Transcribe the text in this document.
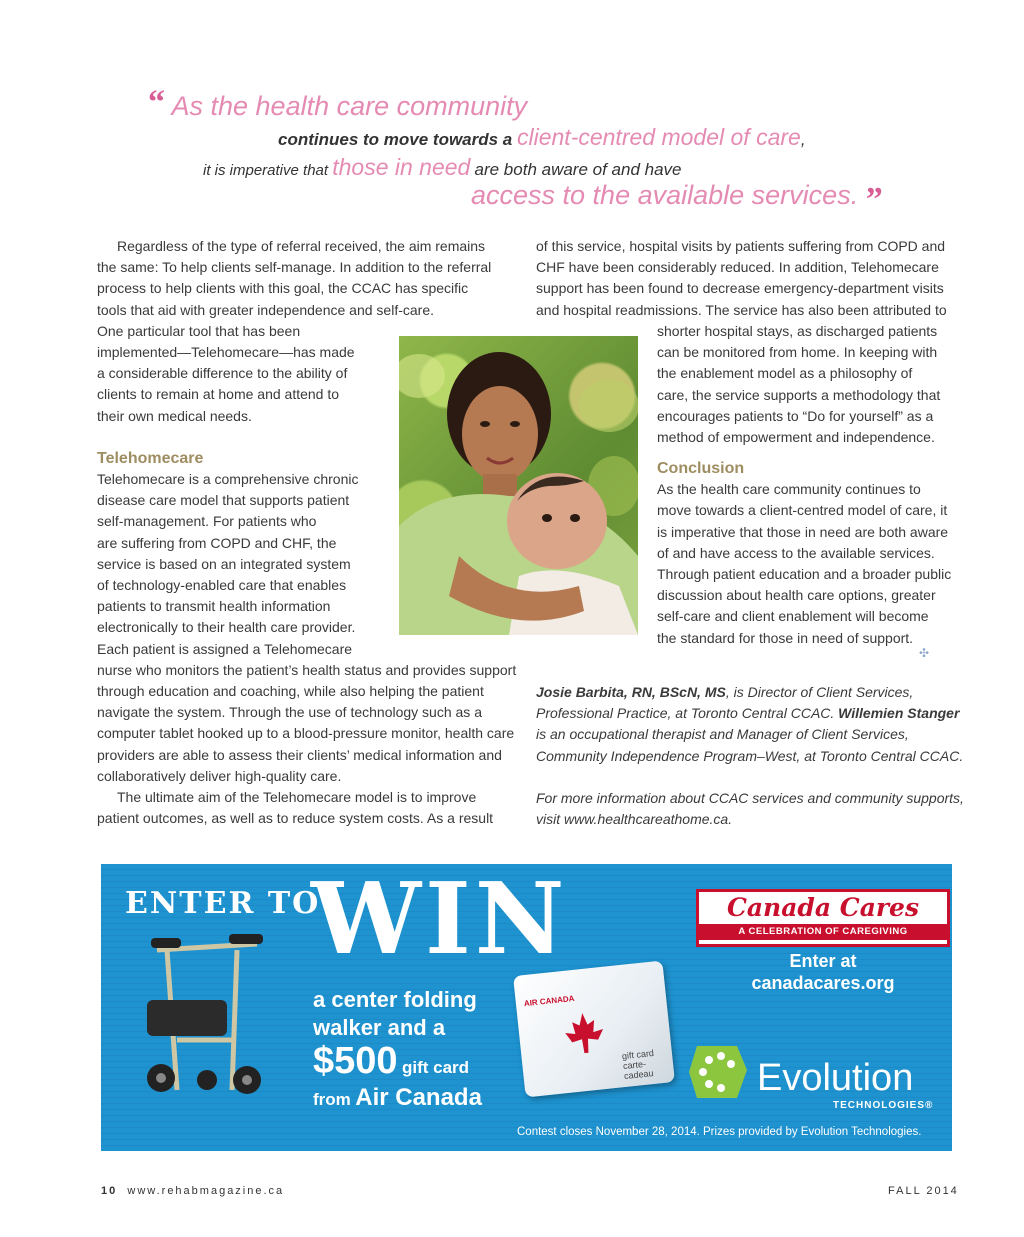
“ As the health care community
continues to move towards a client-centred model of care,
it is imperative that those in need are both aware of and have
access to the available services. ”

Regardless of the type of referral received, the aim remains

the same: To help clients self-manage. In addition to the referral

process to help clients with this goal, the CCAC has specific

tools that aid with greater independence and self-care.

One particular tool that has been

implemented—Telehomecare—has made

a considerable difference to the ability of

clients to remain at home and attend to

their own medical needs.

Telehomecare

Telehomecare is a comprehensive chronic

disease care model that supports patient

self-management. For patients who

are suffering from COPD and CHF, the

service is based on an integrated system

of technology-enabled care that enables

patients to transmit health information

electronically to their health care provider.

Each patient is assigned a Telehomecare

nurse who monitors the patient’s health status and provides support

through education and coaching, while also helping the patient

navigate the system. Through the use of technology such as a

computer tablet hooked up to a blood-pressure monitor, health care

providers are able to assess their clients’ medical information and

collaboratively deliver high-quality care.

The ultimate aim of the Telehomecare model is to improve

patient outcomes, as well as to reduce system costs. As a result

of this service, hospital visits by patients suffering from COPD and

CHF have been considerably reduced. In addition, Telehomecare

support has been found to decrease emergency-department visits

and hospital readmissions. The service has also been attributed to

shorter hospital stays, as discharged patients

can be monitored from home. In keeping with

the enablement model as a philosophy of

care, the service supports a methodology that

encourages patients to “Do for yourself” as a

method of empowerment and independence.

Conclusion

As the health care community continues to

move towards a client-centred model of care, it

is imperative that those in need are both aware

of and have access to the available services.

Through patient education and a broader public

discussion about health care options, greater

self-care and client enablement will become

the standard for those in need of support.

✣

Josie Barbita, RN, BScN, MS, is Director of Client Services,

Professional Practice, at Toronto Central CCAC. Willemien Stanger

is an occupational therapist and Manager of Client Services,

Community Independence Program–West, at Toronto Central CCAC.

For more information about CCAC services and community supports,

visit www.healthcareathome.ca.

ENTER TO
WIN
a center folding
walker and a
$500 gift card
from Air Canada
AIR CANADA
gift card
carte-cadeau
Canada Cares
A CELEBRATION OF CAREGIVING
Enter at
canadacares.org
Evolution
TECHNOLOGIES®
Contest closes November 28, 2014. Prizes provided by Evolution Technologies.
10 www.rehabmagazine.ca	FALL 2014
